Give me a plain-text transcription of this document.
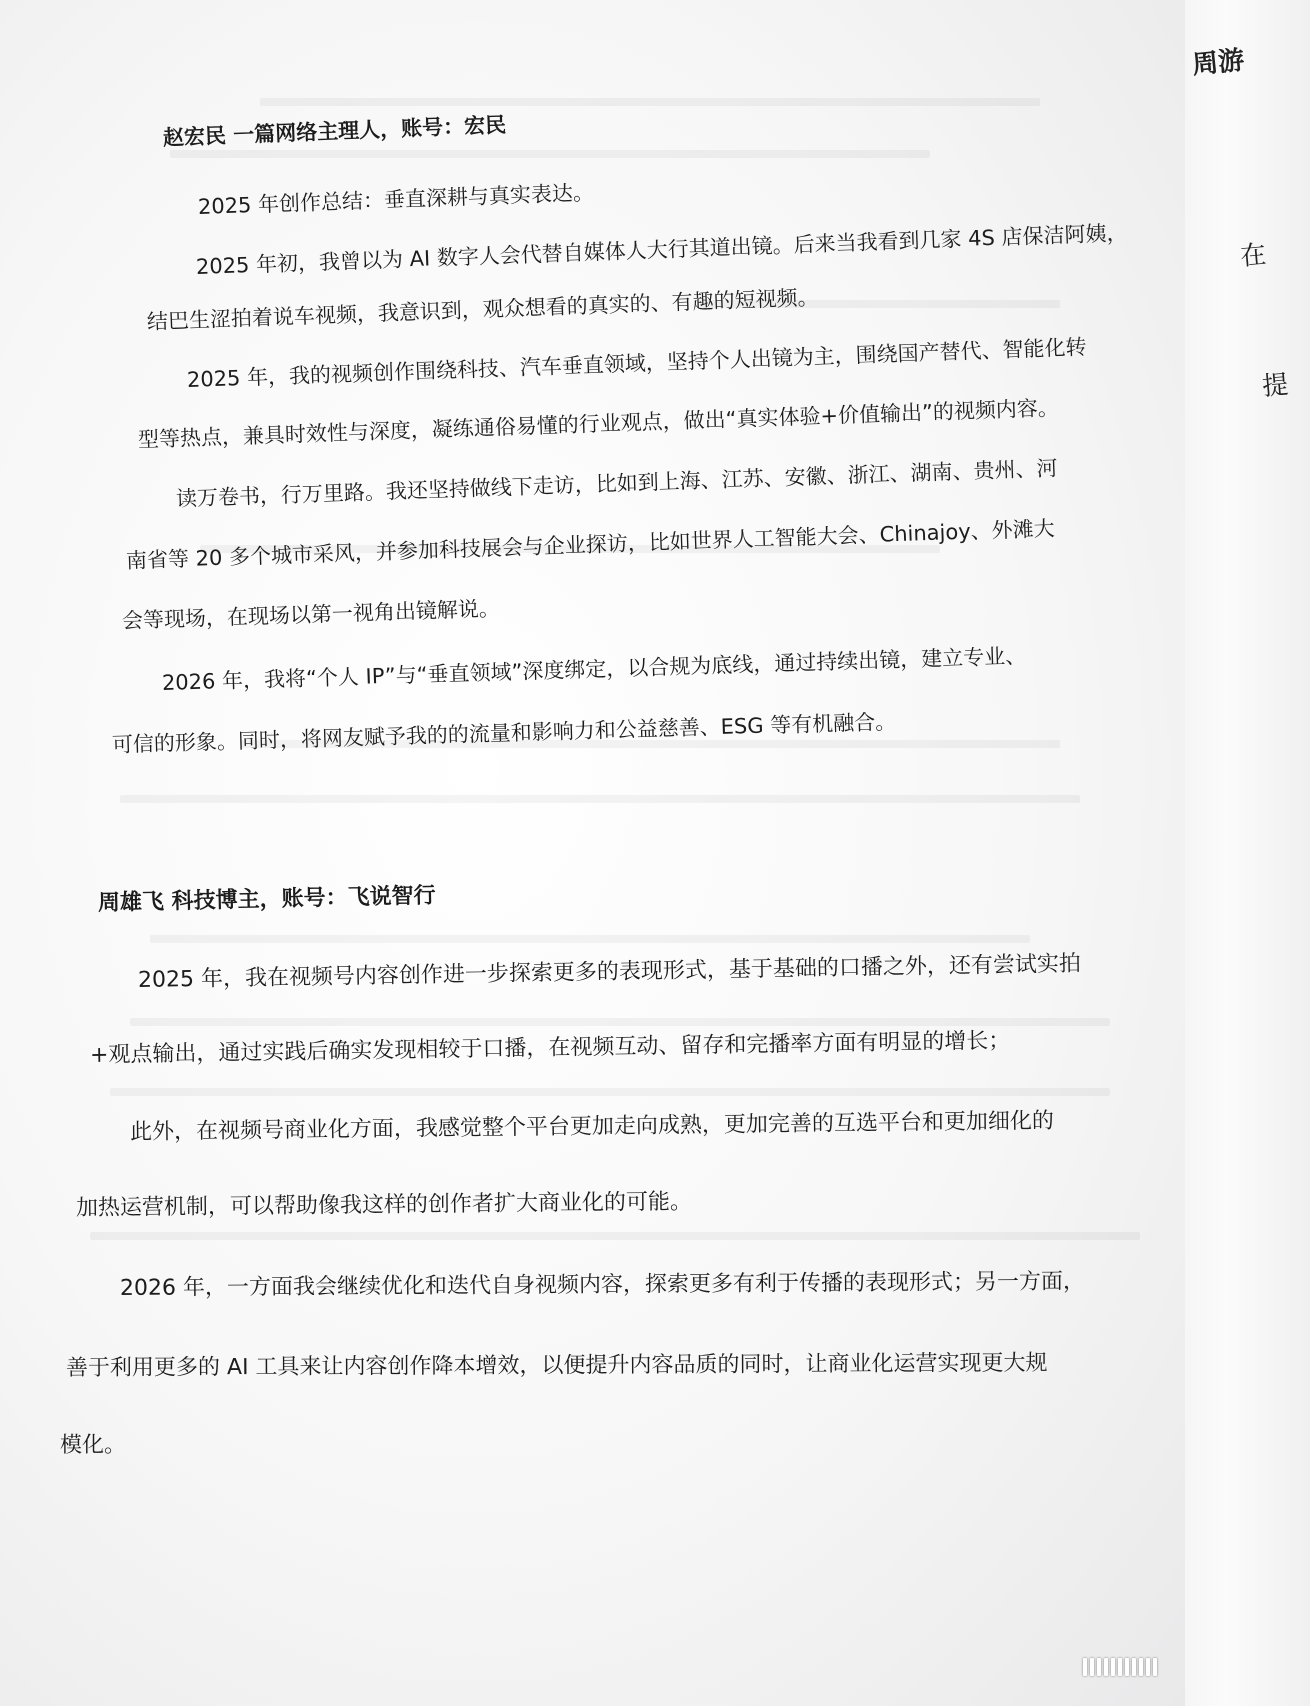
周游
在
提
赵宏民 一篇网络主理人，账号：宏民
2025 年创作总结：垂直深耕与真实表达。
2025 年初，我曾以为 AI 数字人会代替自媒体人大行其道出镜。后来当我看到几家 4S 店保洁阿姨，
结巴生涩拍着说车视频，我意识到，观众想看的真实的、有趣的短视频。
2025 年，我的视频创作围绕科技、汽车垂直领域，坚持个人出镜为主，围绕国产替代、智能化转
型等热点，兼具时效性与深度，凝练通俗易懂的行业观点，做出“真实体验+价值输出”的视频内容。
读万卷书，行万里路。我还坚持做线下走访，比如到上海、江苏、安徽、浙江、湖南、贵州、河
南省等 20 多个城市采风，并参加科技展会与企业探访，比如世界人工智能大会、Chinajoy、外滩大
会等现场，在现场以第一视角出镜解说。
2026 年，我将“个人 IP”与“垂直领域”深度绑定，以合规为底线，通过持续出镜，建立专业、
可信的形象。同时，将网友赋予我的的流量和影响力和公益慈善、ESG 等有机融合。
周雄飞 科技博主，账号：飞说智行
2025 年，我在视频号内容创作进一步探索更多的表现形式，基于基础的口播之外，还有尝试实拍
+观点输出，通过实践后确实发现相较于口播，在视频互动、留存和完播率方面有明显的增长；
此外，在视频号商业化方面，我感觉整个平台更加走向成熟，更加完善的互选平台和更加细化的
加热运营机制，可以帮助像我这样的创作者扩大商业化的可能。
2026 年，一方面我会继续优化和迭代自身视频内容，探索更多有利于传播的表现形式；另一方面，
善于利用更多的 AI 工具来让内容创作降本增效，以便提升内容品质的同时，让商业化运营实现更大规
模化。
